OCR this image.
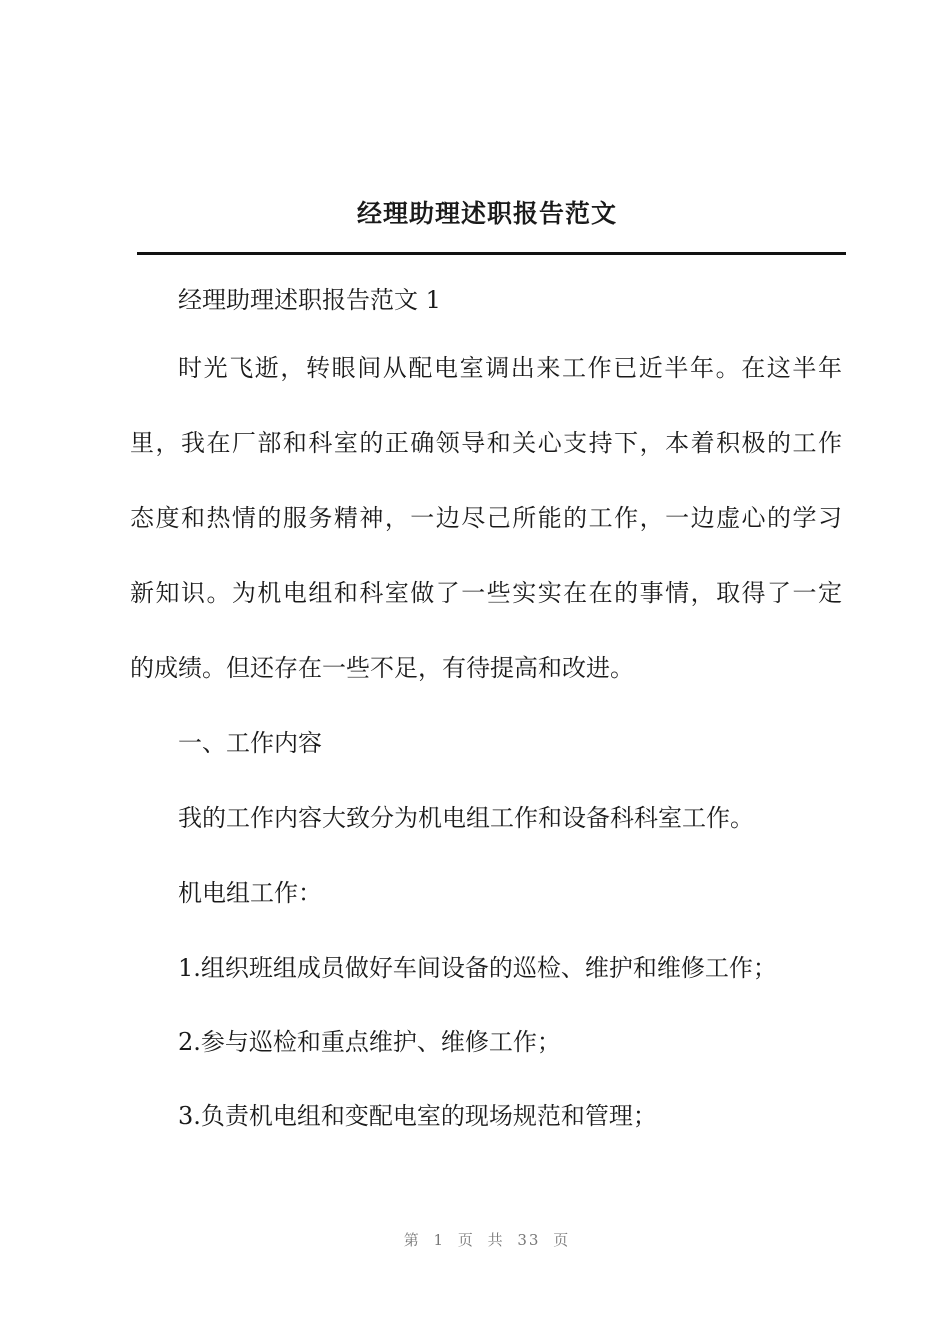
经理助理述职报告范文

经理助理述职报告范文 1

时光飞逝，转眼间从配电室调出来工作已近半年。在这半年

里，我在厂部和科室的正确领导和关心支持下，本着积极的工作

态度和热情的服务精神，一边尽己所能的工作，一边虚心的学习

新知识。为机电组和科室做了一些实实在在的事情，取得了一定

的成绩。但还存在一些不足，有待提高和改进。

一、工作内容

我的工作内容大致分为机电组工作和设备科科室工作。

机电组工作：

1.组织班组成员做好车间设备的巡检、维护和维修工作；

2.参与巡检和重点维护、维修工作；

3.负责机电组和变配电室的现场规范和管理；

第 1 页 共 33 页
